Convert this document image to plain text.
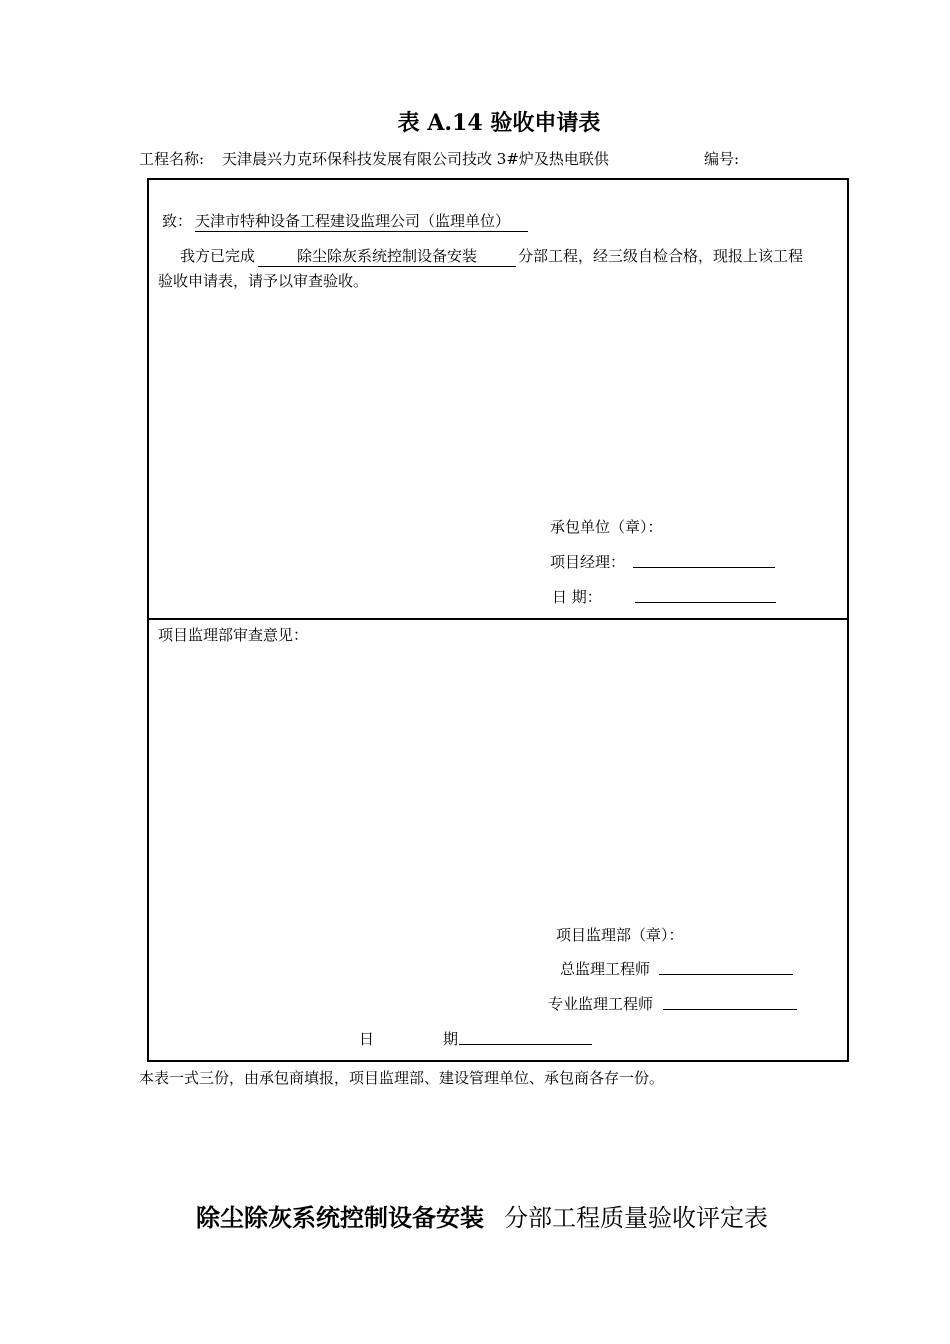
表 A.14 验收申请表
工程名称: 天津晨兴力克环保科技发展有限公司技改 3#炉及热电联供	编号:
致： 天津市特种设备工程建设监理公司（监理单位）
我方已完成	除尘除灰系统控制设备安装	分部工程，经三级自检合格，现报上该工程
验收申请表，请予以审查验收。
承包单位（章）：
项目经理：
日 期：
项目监理部审查意见：
项目监理部（章）：
总监理工程师
专业监理工程师
日	期
本表一式三份，由承包商填报，项目监理部、建设管理单位、承包商各存一份。
除尘除灰系统控制设备安装 分部工程质量验收评定表
